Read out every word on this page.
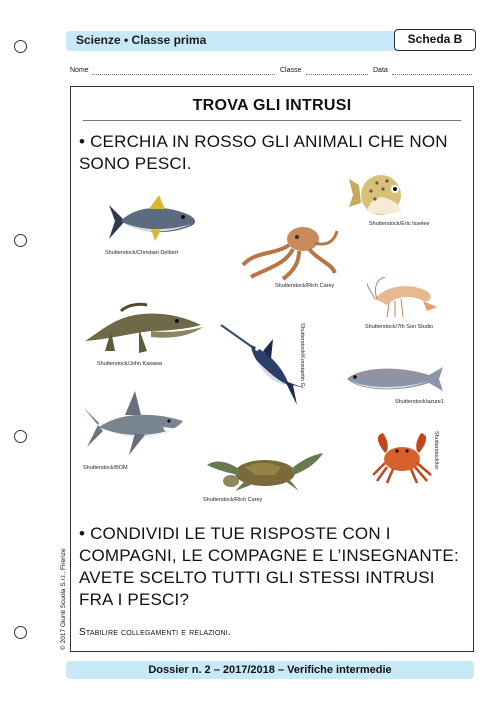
Scienze • Classe prima	Scheda B
Nome	Classe	Data
TROVA GLI INTRUSI
• CERCHIA IN ROSSO GLI ANIMALI CHE NON SONO PESCI.
Shutterstock/Christian Delbert
Shutterstock/Rich Carey
Shutterstock/Eric Isselee
Shutterstock/7th Son Studio
Shutterstock/John Kasawa	Shutterstock/Konstantin G
Shutterstock/azure1
Shutterstock/BOM	Shutterstock/lor
Shutterstock/Rich Carey
• CONDIVIDI LE TUE RISPOSTE CON I COMPAGNI, LE COMPAGNE E L’INSEGNANTE: AVETE SCELTO TUTTI GLI STESSI INTRUSI FRA I PESCI?
Stabilire collegamenti e relazioni.
© 2017 Giunti Scuola S.r.l., Firenze
Dossier n. 2 – 2017/2018 – Verifiche intermedie
